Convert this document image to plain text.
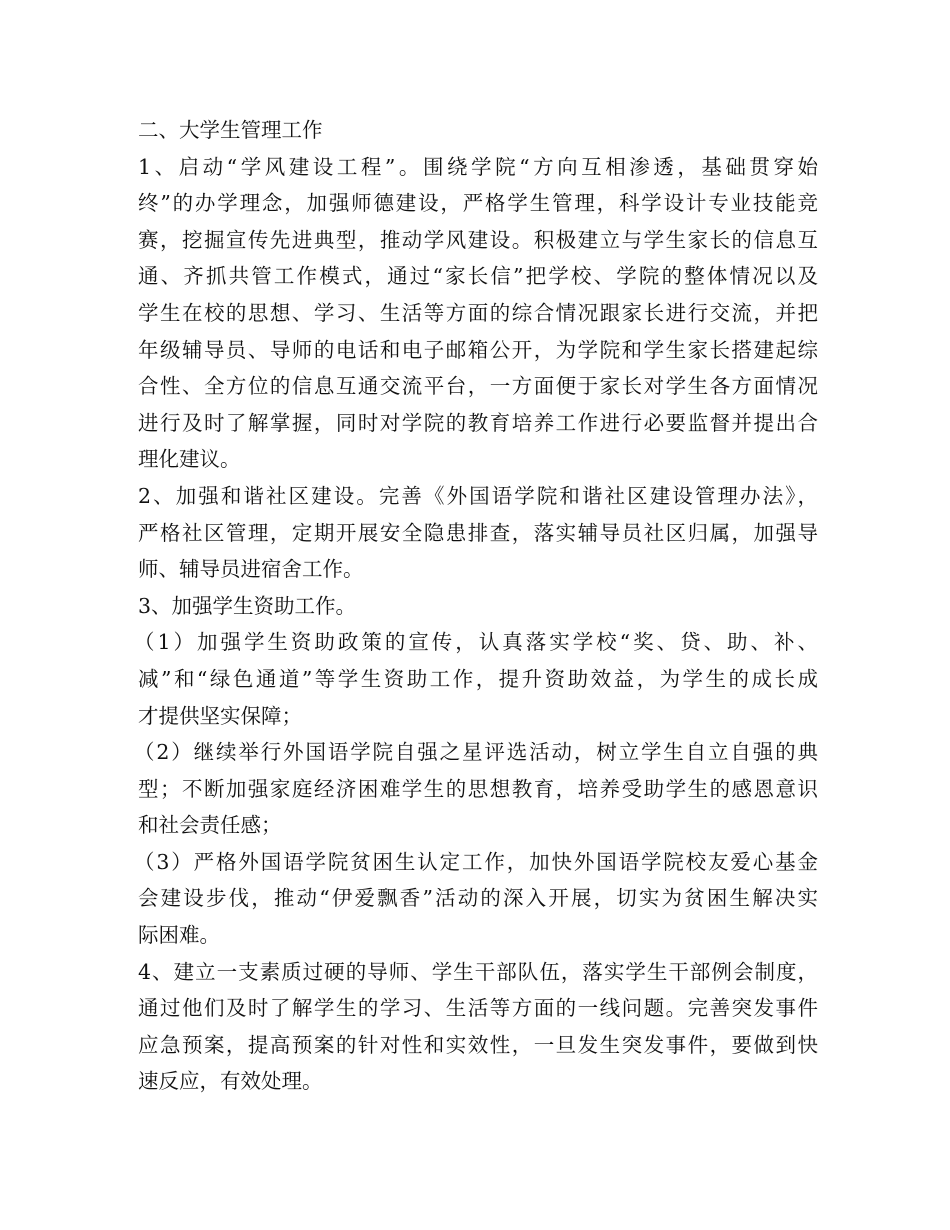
二、大学生管理工作
1、启动“学风建设工程”。围绕学院“方向互相渗透，基础贯穿始
终”的办学理念，加强师德建设，严格学生管理，科学设计专业技能竞
赛，挖掘宣传先进典型，推动学风建设。积极建立与学生家长的信息互
通、齐抓共管工作模式，通过“家长信”把学校、学院的整体情况以及
学生在校的思想、学习、生活等方面的综合情况跟家长进行交流，并把
年级辅导员、导师的电话和电子邮箱公开，为学院和学生家长搭建起综
合性、全方位的信息互通交流平台，一方面便于家长对学生各方面情况
进行及时了解掌握，同时对学院的教育培养工作进行必要监督并提出合
理化建议。
2、加强和谐社区建设。完善《外国语学院和谐社区建设管理办法》，
严格社区管理，定期开展安全隐患排查，落实辅导员社区归属，加强导
师、辅导员进宿舍工作。
3、加强学生资助工作。
（1）加强学生资助政策的宣传，认真落实学校“奖、贷、助、补、
减”和“绿色通道”等学生资助工作，提升资助效益，为学生的成长成
才提供坚实保障；
（2）继续举行外国语学院自强之星评选活动，树立学生自立自强的典
型；不断加强家庭经济困难学生的思想教育，培养受助学生的感恩意识
和社会责任感；
（3）严格外国语学院贫困生认定工作，加快外国语学院校友爱心基金
会建设步伐，推动“伊爱飘香”活动的深入开展，切实为贫困生解决实
际困难。
4、建立一支素质过硬的导师、学生干部队伍，落实学生干部例会制度，
通过他们及时了解学生的学习、生活等方面的一线问题。完善突发事件
应急预案，提高预案的针对性和实效性，一旦发生突发事件，要做到快
速反应，有效处理。
